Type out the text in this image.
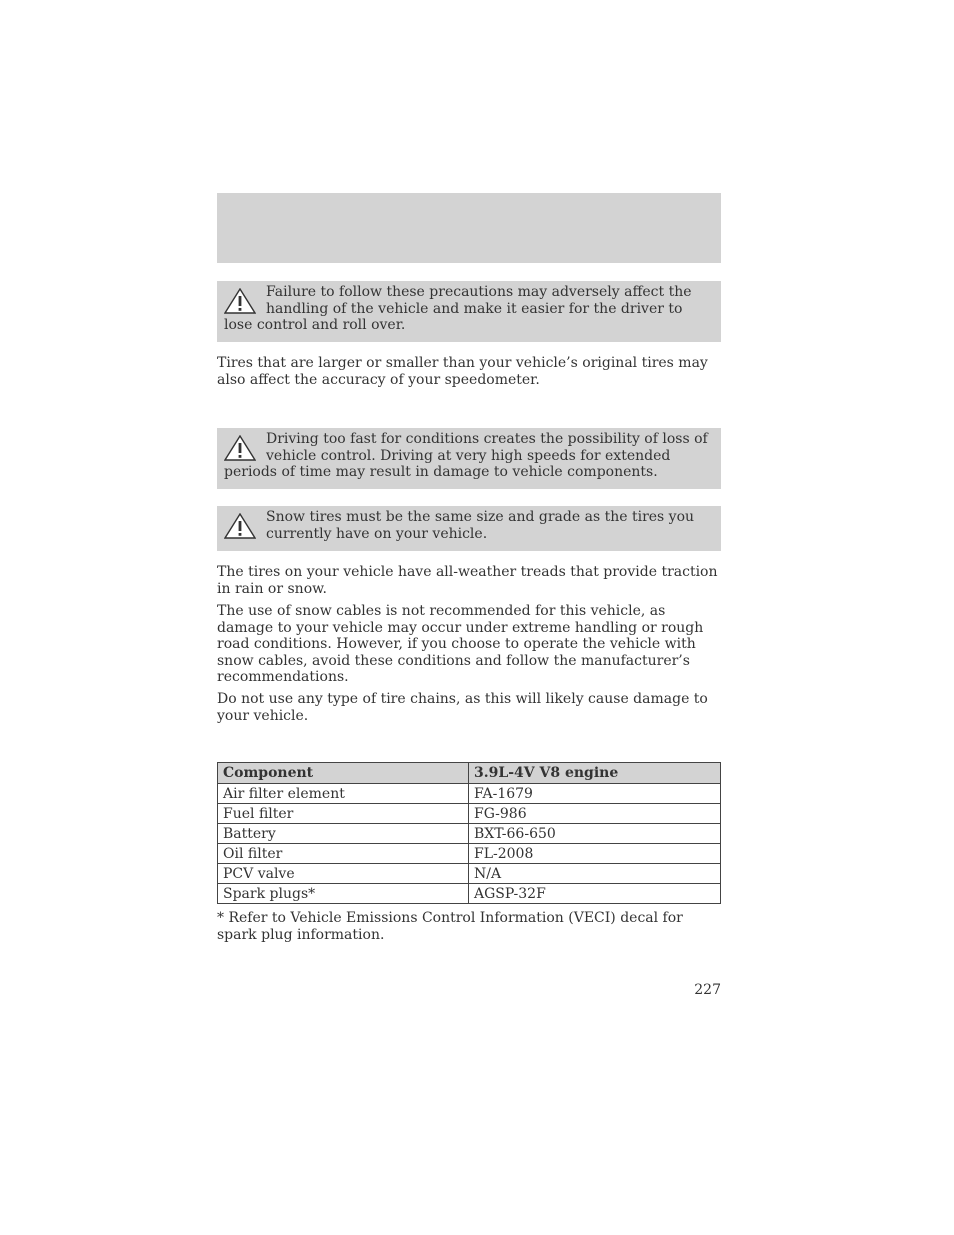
Failure to follow these precautions may adversely affect the handling of the vehicle and make it easier for the driver to lose control and roll over.

Tires that are larger or smaller than your vehicle’s original tires may also affect the accuracy of your speedometer.

Driving too fast for conditions creates the possibility of loss of vehicle control. Driving at very high speeds for extended periods of time may result in damage to vehicle components.
Snow tires must be the same size and grade as the tires you currently have on your vehicle.

The tires on your vehicle have all-weather treads that provide traction in rain or snow.

The use of snow cables is not recommended for this vehicle, as damage to your vehicle may occur under extreme handling or rough road conditions. However, if you choose to operate the vehicle with snow cables, avoid these conditions and follow the manufacturer’s recommendations.

Do not use any type of tire chains, as this will likely cause damage to your vehicle.

Component	3.9L-4V V8 engine
Air filter element	FA-1679
Fuel filter	FG-986
Battery	BXT-66-650
Oil filter	FL-2008
PCV valve	N/A
Spark plugs*	AGSP-32F

* Refer to Vehicle Emissions Control Information (VECI) decal for spark plug information.

227
